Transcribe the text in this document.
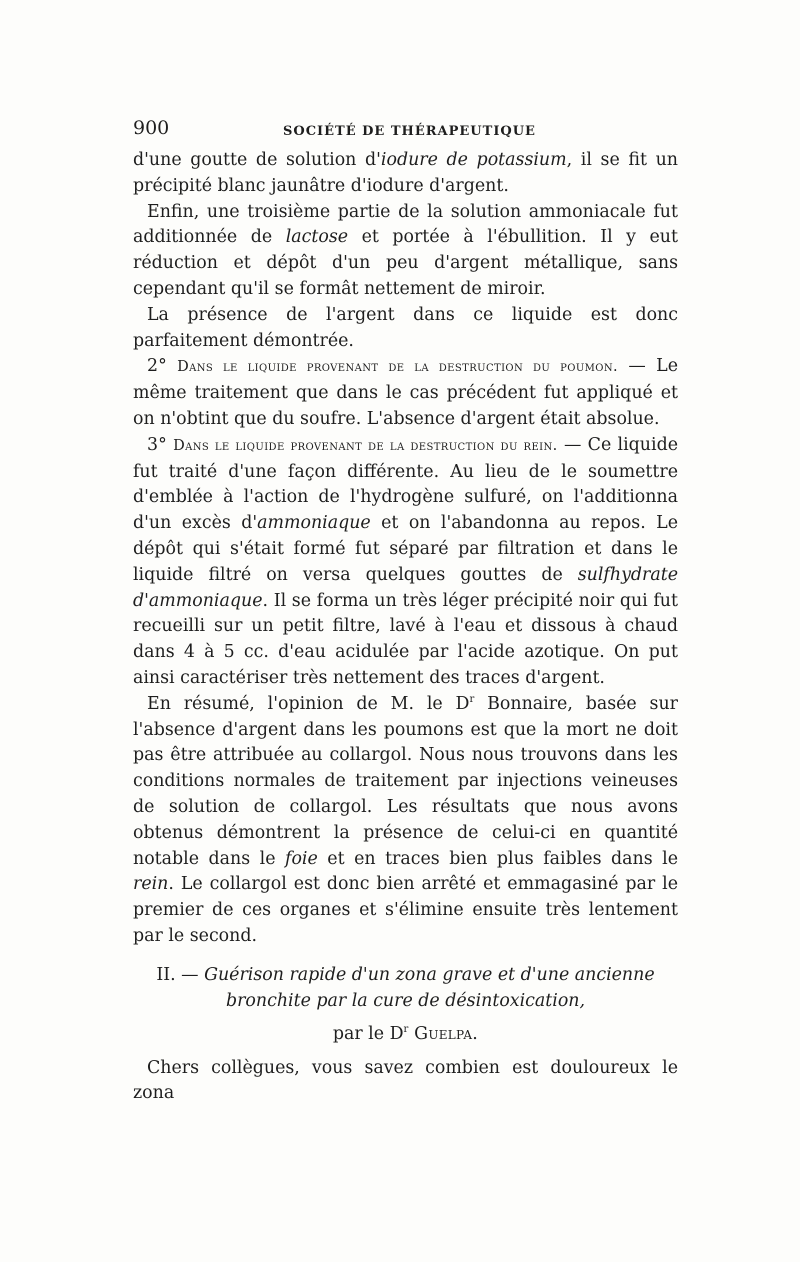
900	SOCIÉTÉ DE THÉRAPEUTIQUE

d'une goutte de solution d'iodure de potassium, il se fit un précipité blanc jaunâtre d'iodure d'argent.

Enfin, une troisième partie de la solution ammoniacale fut additionnée de lactose et portée à l'ébullition. Il y eut réduction et dépôt d'un peu d'argent métallique, sans cependant qu'il se formât nettement de miroir.

La présence de l'argent dans ce liquide est donc parfaitement démontrée.

2° Dans le liquide provenant de la destruction du poumon. — Le même traitement que dans le cas précédent fut appliqué et on n'obtint que du soufre. L'absence d'argent était absolue.

3° Dans le liquide provenant de la destruction du rein. — Ce liquide fut traité d'une façon différente. Au lieu de le soumettre d'emblée à l'action de l'hydrogène sulfuré, on l'additionna d'un excès d'ammoniaque et on l'abandonna au repos. Le dépôt qui s'était formé fut séparé par filtration et dans le liquide filtré on versa quelques gouttes de sulfhydrate d'ammoniaque. Il se forma un très léger précipité noir qui fut recueilli sur un petit filtre, lavé à l'eau et dissous à chaud dans 4 à 5 cc. d'eau acidulée par l'acide azotique. On put ainsi caractériser très nettement des traces d'argent.

En résumé, l'opinion de M. le $D^r$ Bonnaire, basée sur l'absence d'argent dans les poumons est que la mort ne doit pas être attribuée au collargol. Nous nous trouvons dans les conditions normales de traitement par injections veineuses de solution de collargol. Les résultats que nous avons obtenus démontrent la présence de celui-ci en quantité notable dans le foie et en traces bien plus faibles dans le rein. Le collargol est donc bien arrêté et emmagasiné par le premier de ces organes et s'élimine ensuite très lentement par le second.

II. — Guérison rapide d'un zona grave et d'une ancienne
bronchite par la cure de désintoxication,

par le $D^r$ Guelpa.

Chers collègues, vous savez combien est douloureux le zona
